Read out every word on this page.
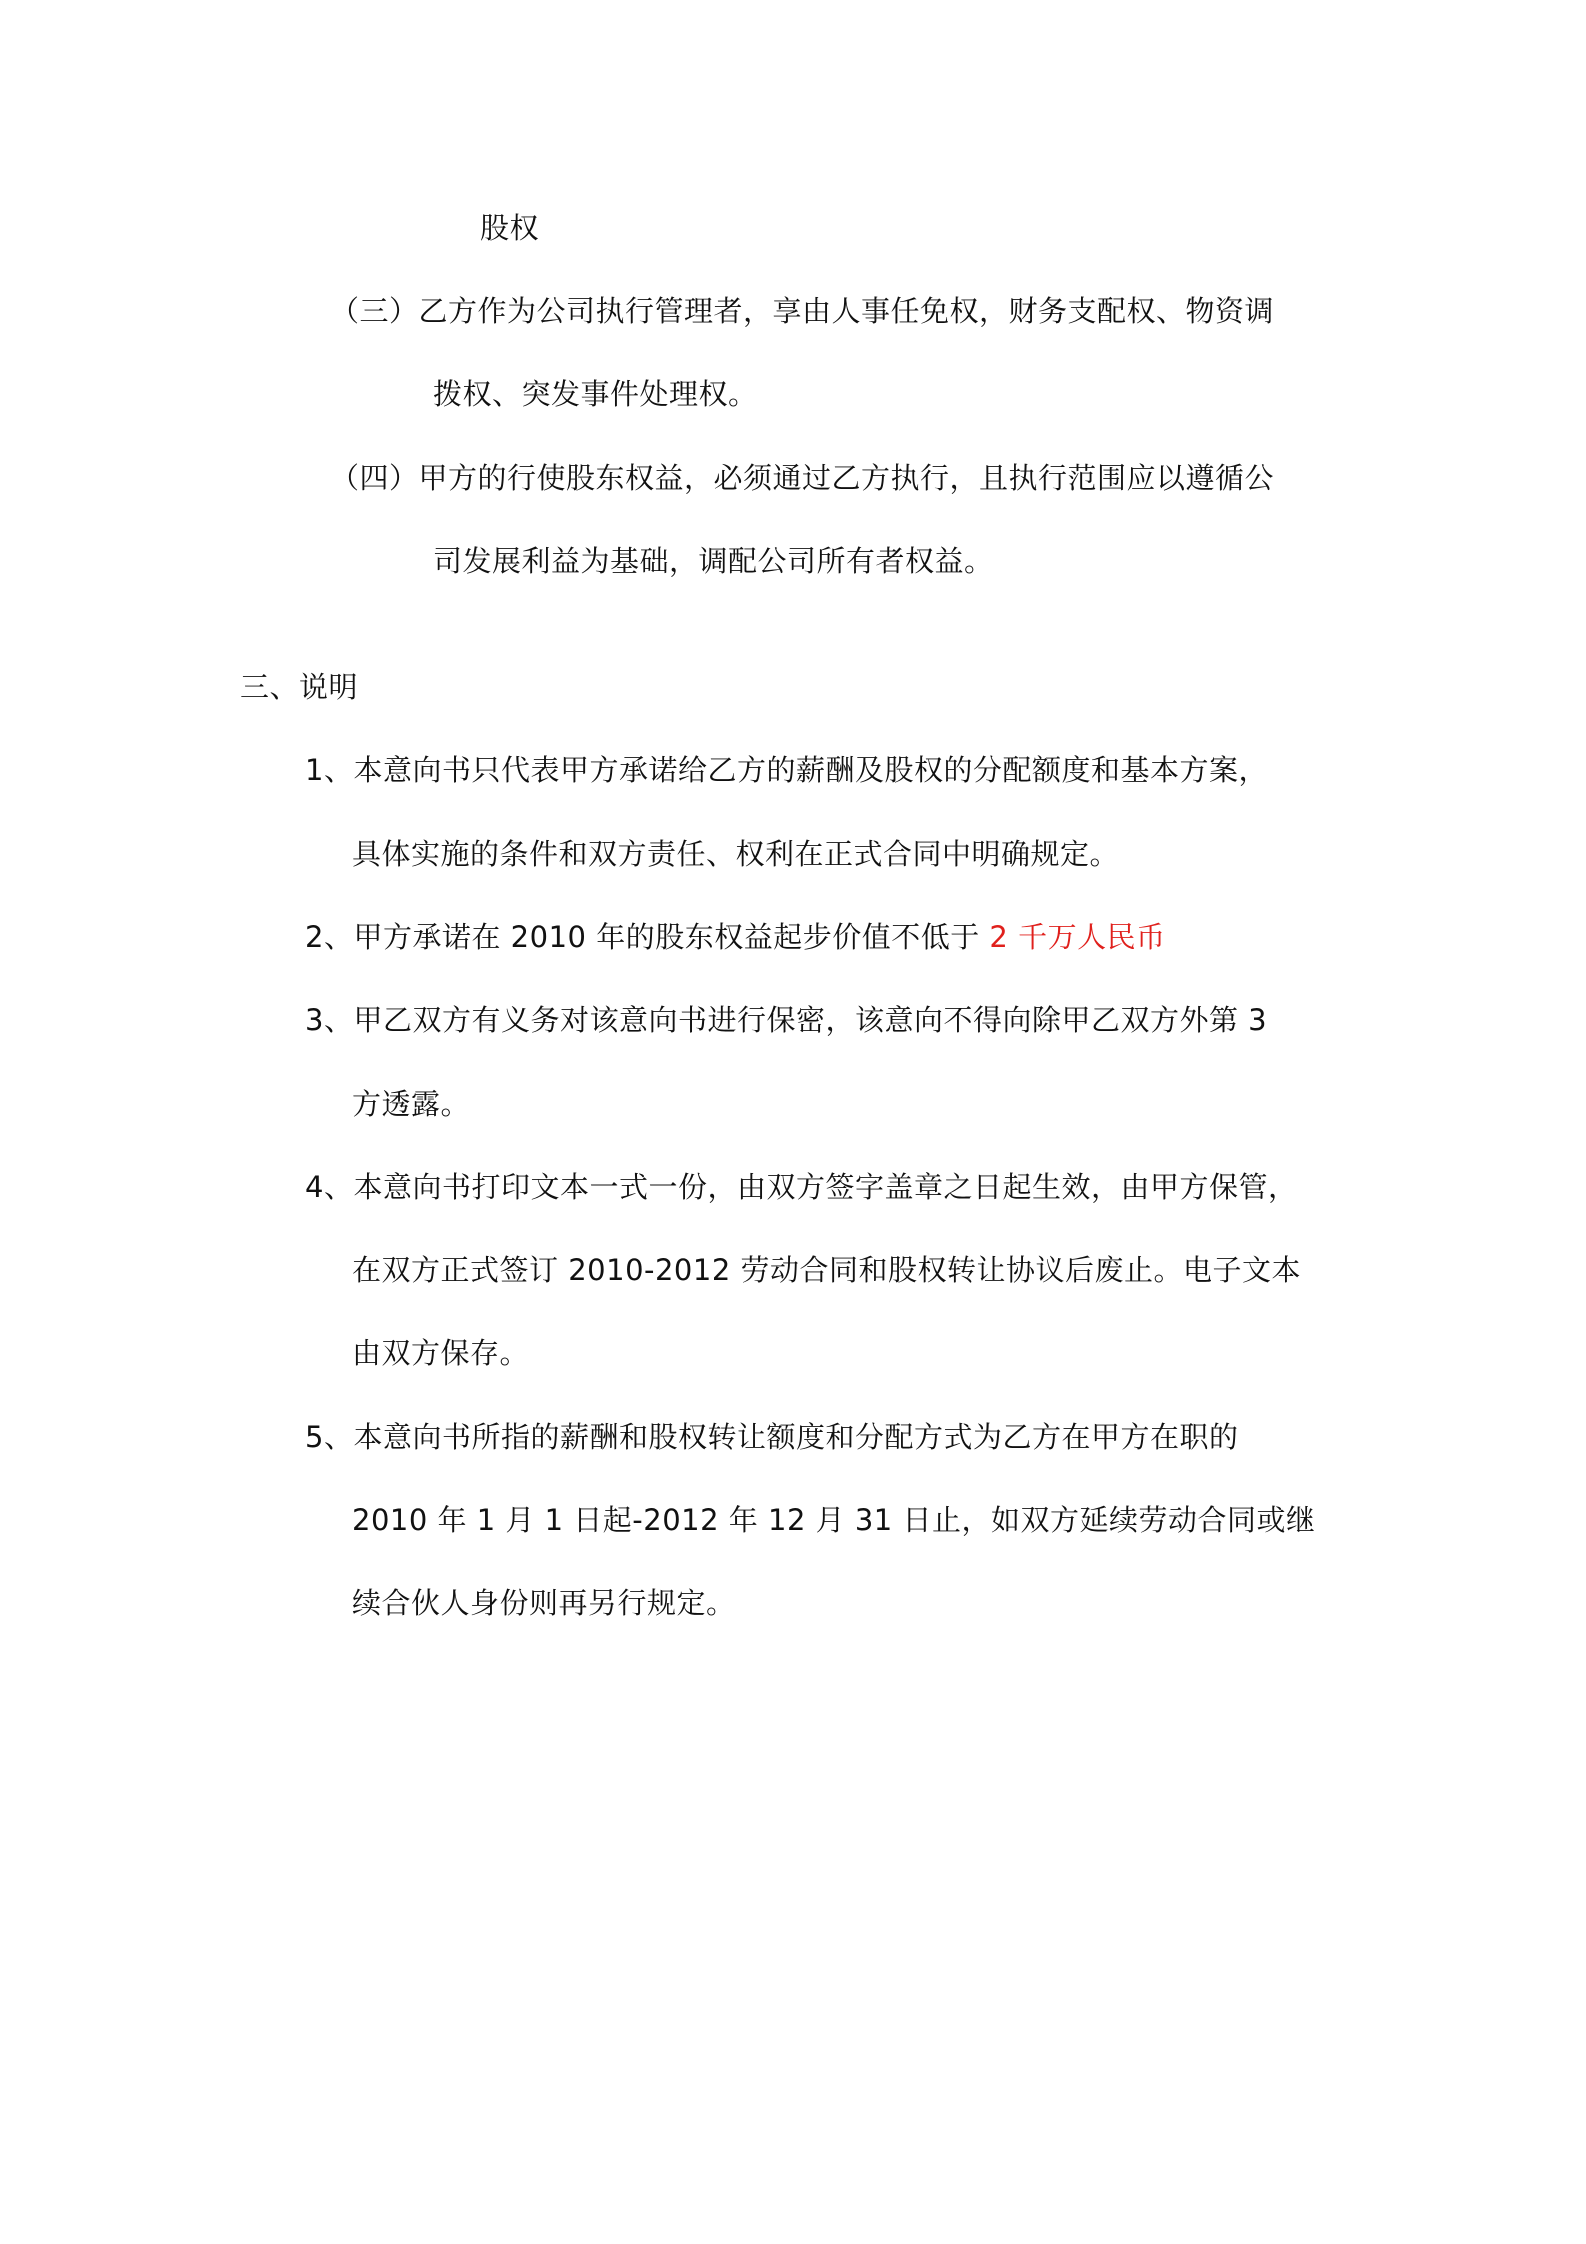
股权
（三）乙方作为公司执行管理者，享由人事任免权，财务支配权、物资调
拨权、突发事件处理权。
（四）甲方的行使股东权益，必须通过乙方执行，且执行范围应以遵循公
司发展利益为基础，调配公司所有者权益。
三、说明
1、本意向书只代表甲方承诺给乙方的薪酬及股权的分配额度和基本方案，
具体实施的条件和双方责任、权利在正式合同中明确规定。
2、甲方承诺在 2010 年的股东权益起步价值不低于 2 千万人民币
3、甲乙双方有义务对该意向书进行保密，该意向不得向除甲乙双方外第 3
方透露。
4、本意向书打印文本一式一份，由双方签字盖章之日起生效，由甲方保管，
在双方正式签订 2010-2012 劳动合同和股权转让协议后废止。电子文本
由双方保存。
5、本意向书所指的薪酬和股权转让额度和分配方式为乙方在甲方在职的
2010 年 1 月 1 日起-2012 年 12 月 31 日止，如双方延续劳动合同或继
续合伙人身份则再另行规定。
